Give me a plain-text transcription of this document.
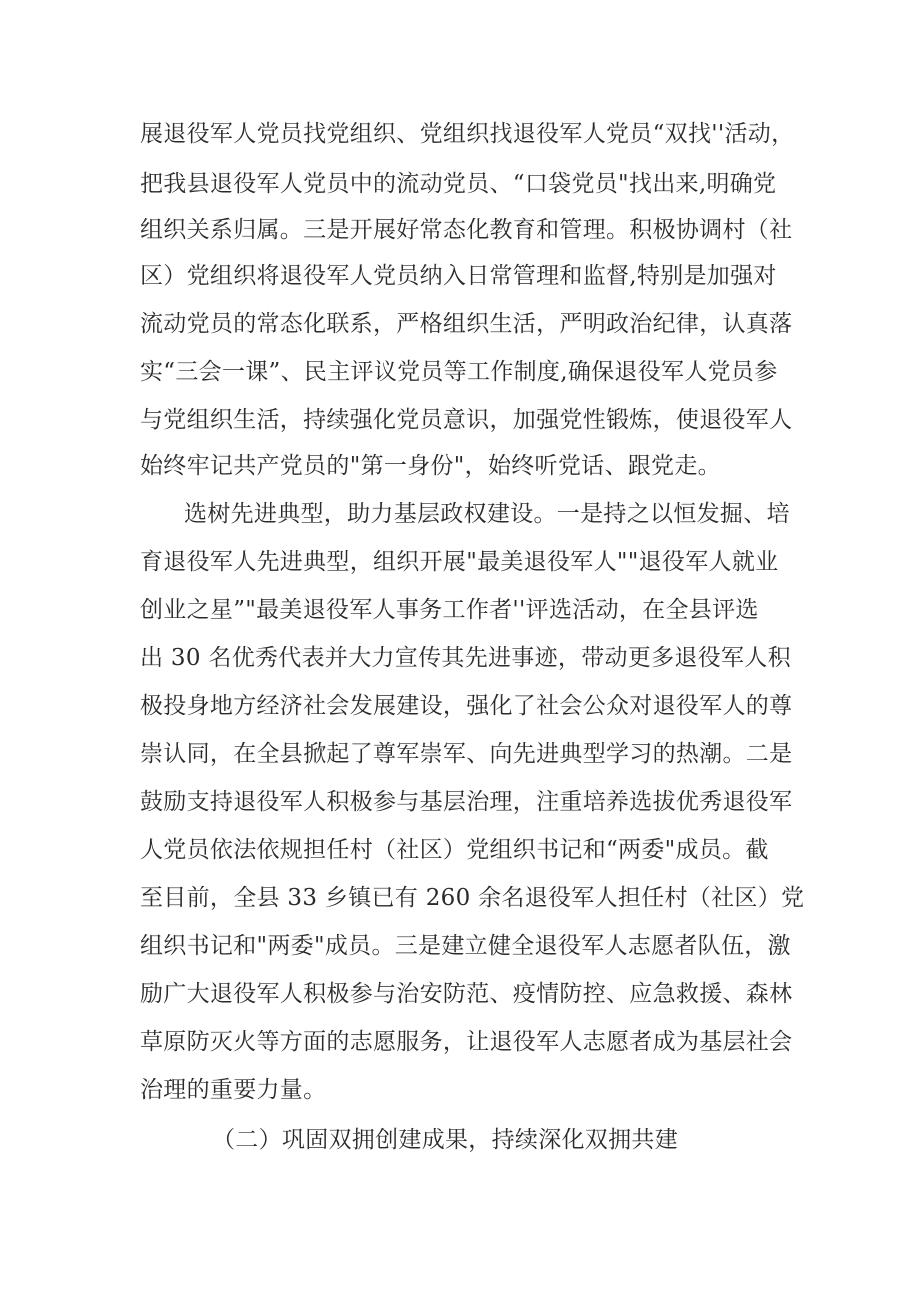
展退役军人党员找党组织、党组织找退役军人党员“双找''活动，
把我县退役军人党员中的流动党员、“口袋党员"找出来,明确党
组织关系归属。三是开展好常态化教育和管理。积极协调村（社
区）党组织将退役军人党员纳入日常管理和监督,特别是加强对
流动党员的常态化联系，严格组织生活，严明政治纪律，认真落
实“三会一课”、民主评议党员等工作制度,确保退役军人党员参
与党组织生活，持续强化党员意识，加强党性锻炼，使退役军人
始终牢记共产党员的"第一身份"，始终听党话、跟党走。
选树先进典型，助力基层政权建设。一是持之以恒发掘、培
育退役军人先进典型，组织开展"最美退役军人""退役军人就业
创业之星”"最美退役军人事务工作者''评选活动，在全县评选
出 30 名优秀代表并大力宣传其先进事迹，带动更多退役军人积
极投身地方经济社会发展建设，强化了社会公众对退役军人的尊
崇认同，在全县掀起了尊军崇军、向先进典型学习的热潮。二是
鼓励支持退役军人积极参与基层治理，注重培养选拔优秀退役军
人党员依法依规担任村（社区）党组织书记和“两委"成员。截
至目前，全县 33 乡镇已有 260 余名退役军人担任村（社区）党
组织书记和"两委"成员。三是建立健全退役军人志愿者队伍，激
励广大退役军人积极参与治安防范、疫情防控、应急救援、森林
草原防灭火等方面的志愿服务，让退役军人志愿者成为基层社会
治理的重要力量。
（二）巩固双拥创建成果，持续深化双拥共建
